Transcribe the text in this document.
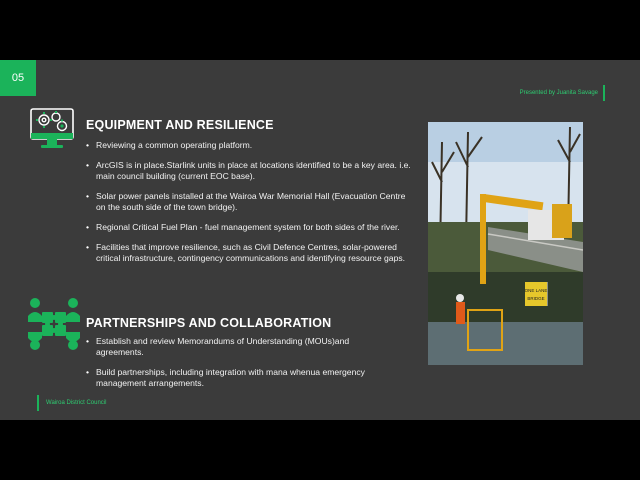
05
Presented by Juanita Savage
EQUIPMENT AND RESILIENCE
• Reviewing a common operating platform.
• ArcGIS is in place.Starlink units in place at locations identified to be a key area. i.e. main council building (current EOC base).
• Solar power panels installed at the Wairoa War Memorial Hall (Evacuation Centre on the south side of the town bridge).
• Regional Critical Fuel Plan - fuel management system for both sides of the river.
• Facilities that improve resilience, such as Civil Defence Centres, solar-powered critical infrastructure, contingency communications and identifying resource gaps.
PARTNERSHIPS AND COLLABORATION
• Establish and review Memorandums of Understanding (MOUs)and agreements.
• Build partnerships, including integration with mana whenua emergency management arrangements.
ONE LANE
BRIDGE
Wairoa District Council
